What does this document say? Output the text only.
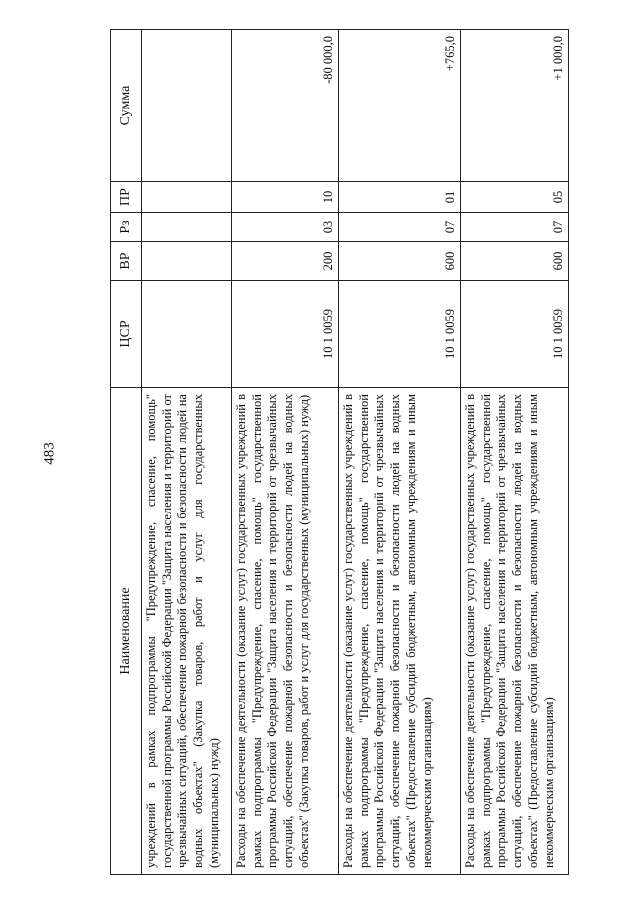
483
Наименование	ЦСР	ВР	Рз	ПР	Сумма
учреждений в рамках подпрограммы "Предупреждение, спасение, помощь" государственной программы Российской Федерации "Защита населения и территорий от чрезвычайных ситуаций, обеспечение пожарной безопасности и безопасности людей на водных объектах" (Закупка товаров, работ и услуг для государственных (муниципальных) нужд)					
Расходы на обеспечение деятельности (оказание услуг) государственных учреждений в рамках подпрограммы "Предупреждение, спасение, помощь" государственной программы Российской Федерации "Защита населения и территорий от чрезвычайных ситуаций, обеспечение пожарной безопасности и безопасности людей на водных объектах" (Закупка товаров, работ и услуг для государственных (муниципальных) нужд)	10 1 0059	200	03	10	-80 000,0
Расходы на обеспечение деятельности (оказание услуг) государственных учреждений в рамках подпрограммы "Предупреждение, спасение, помощь" государственной программы Российской Федерации "Защита населения и территорий от чрезвычайных ситуаций, обеспечение пожарной безопасности и безопасности людей на водных объектах" (Предоставление субсидий бюджетным, автономным учреждениям и иным некоммерческим организациям)	10 1 0059	600	07	01	+765,0
Расходы на обеспечение деятельности (оказание услуг) государственных учреждений в рамках подпрограммы "Предупреждение, спасение, помощь" государственной программы Российской Федерации "Защита населения и территорий от чрезвычайных ситуаций, обеспечение пожарной безопасности и безопасности людей на водных объектах" (Предоставление субсидий бюджетным, автономным учреждениям и иным некоммерческим организациям)	10 1 0059	600	07	05	+1 000,0
